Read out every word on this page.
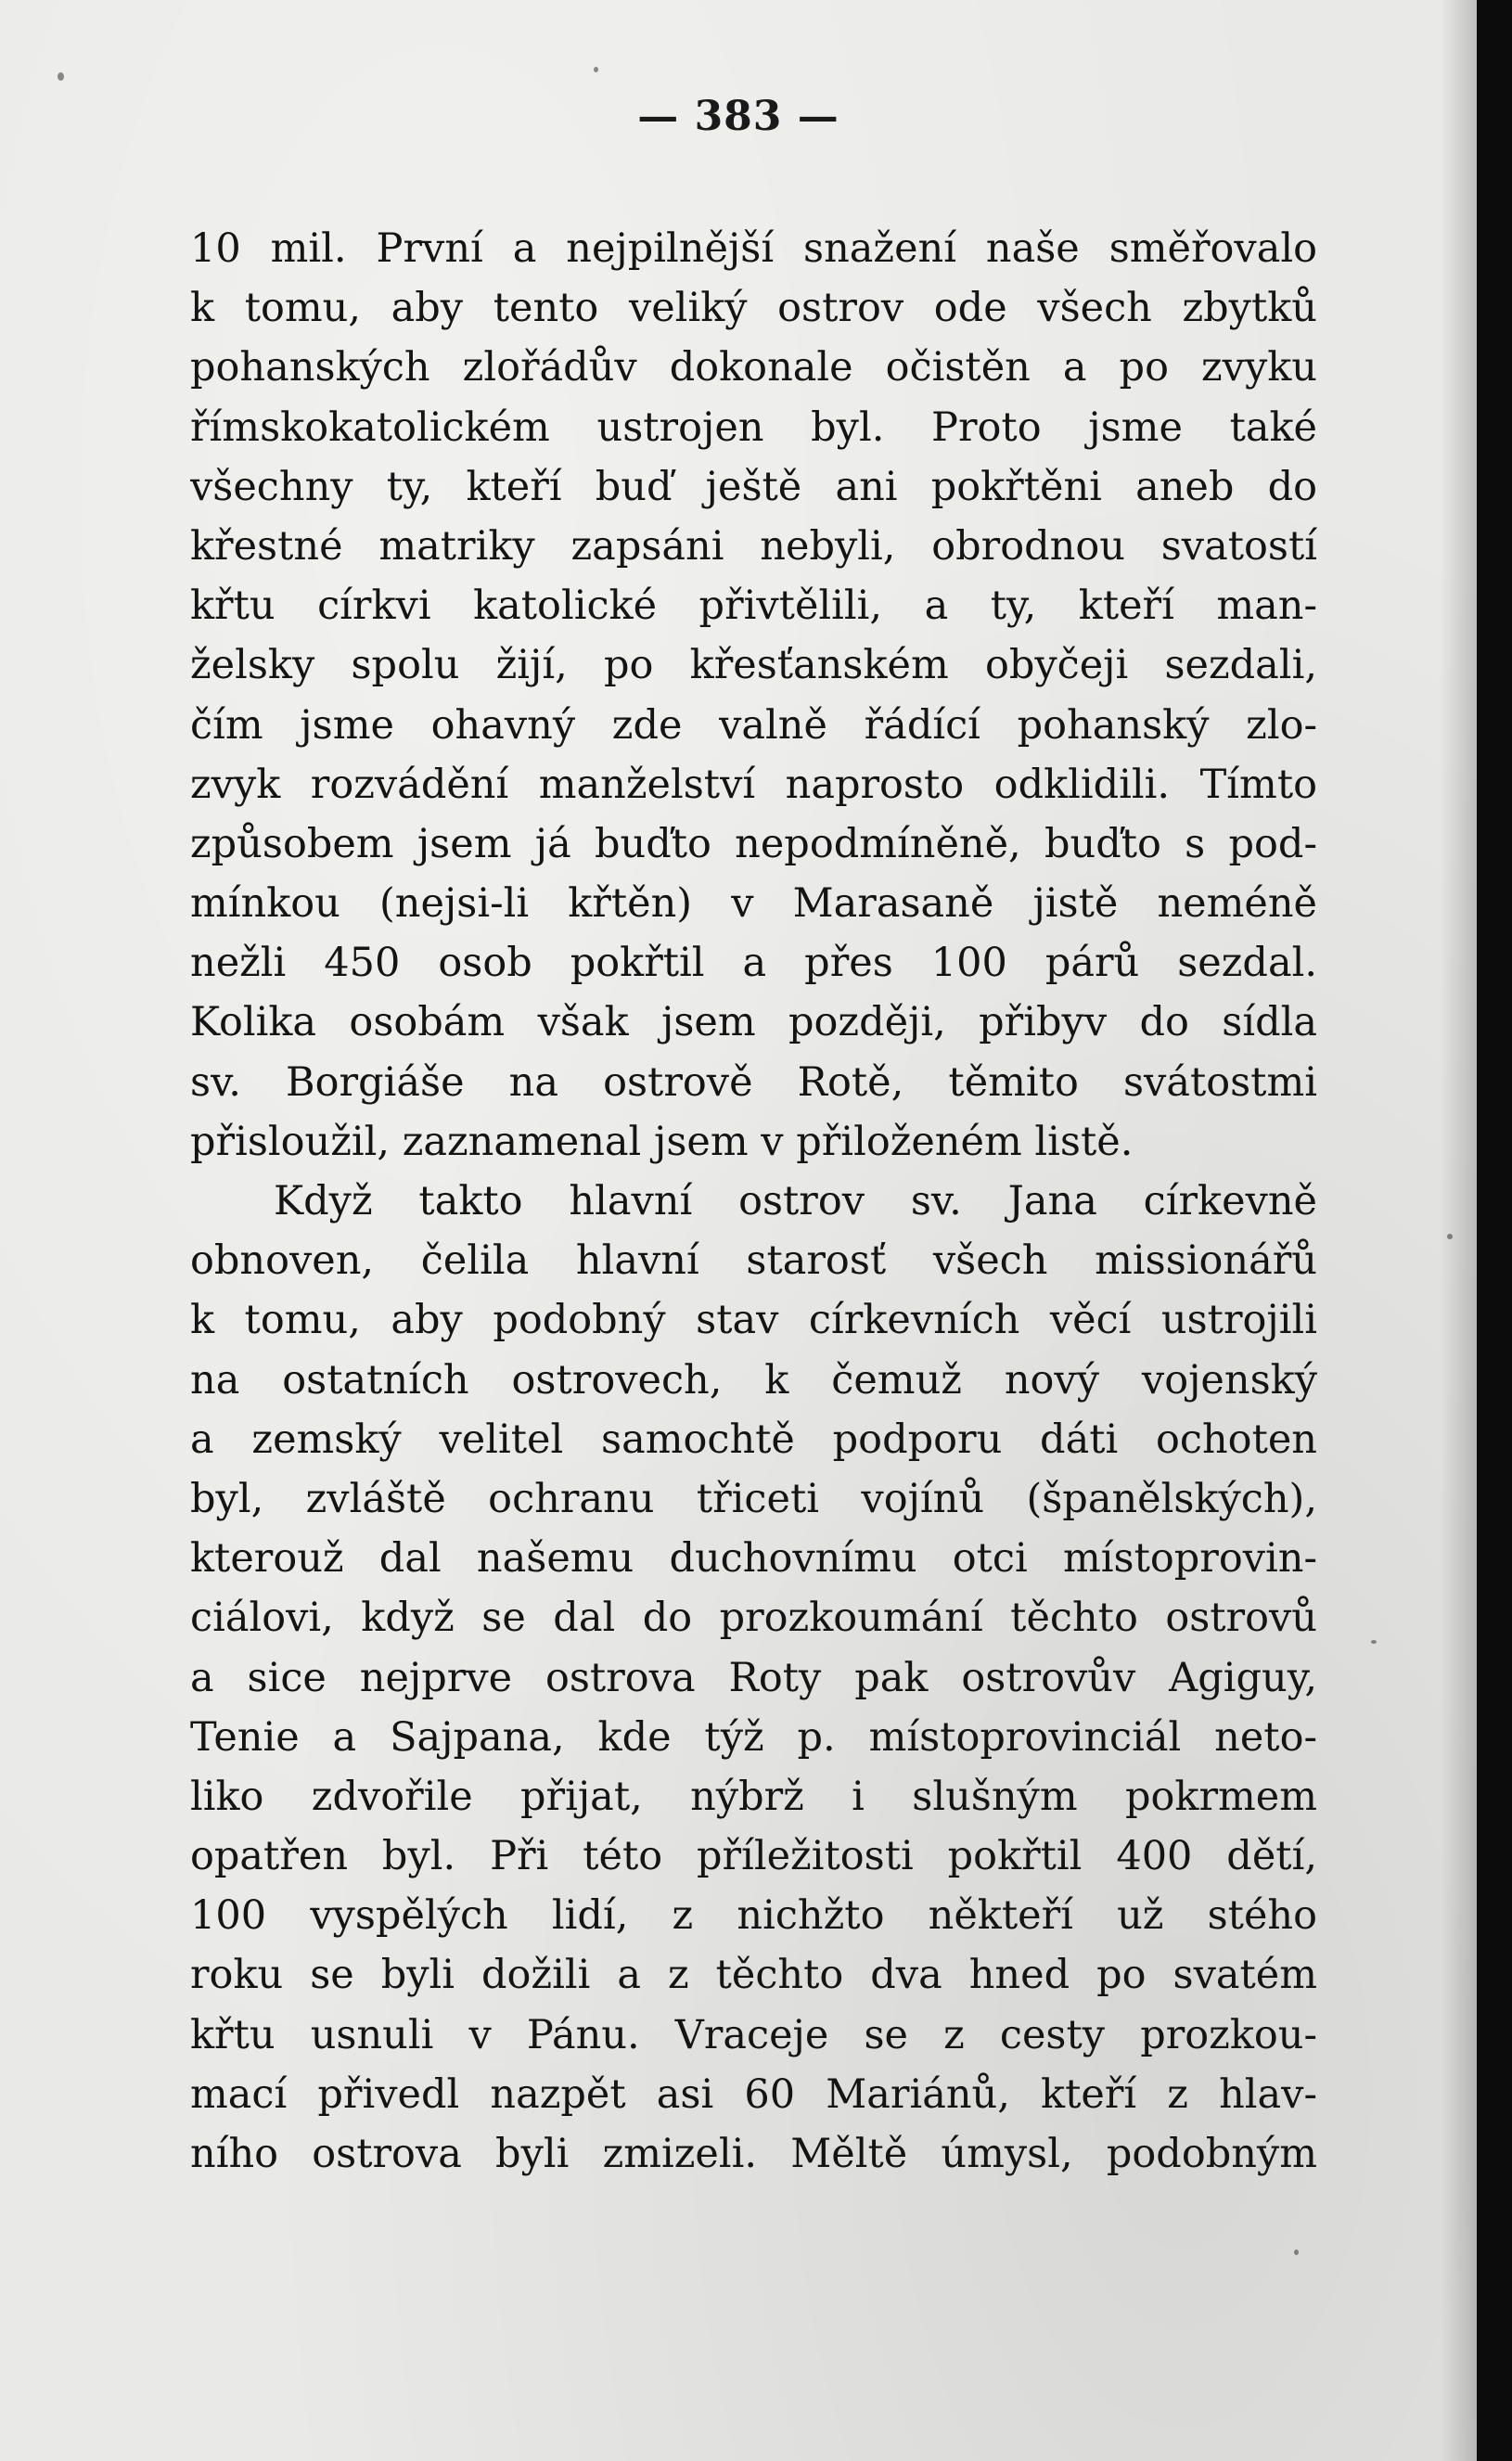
— 383 —
10 mil. První a nejpilnější snažení naše směřovalo
k tomu, aby tento veliký ostrov ode všech zbytků
pohanských zlořádův dokonale očistěn a po zvyku
římskokatolickém ustrojen byl. Proto jsme také
všechny ty, kteří buď ještě ani pokřtěni aneb do
křestné matriky zapsáni nebyli, obrodnou svatostí
křtu církvi katolické přivtělili, a ty, kteří man-
želsky spolu žijí, po křesťanském obyčeji sezdali,
čím jsme ohavný zde valně řádící pohanský zlo-
zvyk rozvádění manželství naprosto odklidili. Tímto
způsobem jsem já buďto nepodmíněně, buďto s pod-
mínkou (nejsi-li křtěn) v Marasaně jistě neméně
nežli 450 osob pokřtil a přes 100 párů sezdal.
Kolika osobám však jsem později, přibyv do sídla
sv. Borgiáše na ostrově Rotě, těmito svátostmi
přisloužil, zaznamenal jsem v přiloženém listě.
Když takto hlavní ostrov sv. Jana církevně
obnoven, čelila hlavní starosť všech missionářů
k tomu, aby podobný stav církevních věcí ustrojili
na ostatních ostrovech, k čemuž nový vojenský
a zemský velitel samochtě podporu dáti ochoten
byl, zvláště ochranu třiceti vojínů (španělských),
kterouž dal našemu duchovnímu otci místoprovin-
ciálovi, když se dal do prozkoumání těchto ostrovů
a sice nejprve ostrova Roty pak ostrovův Agiguy,
Tenie a Sajpana, kde týž p. místoprovinciál neto-
liko zdvořile přijat, nýbrž i slušným pokrmem
opatřen byl. Při této příležitosti pokřtil 400 dětí,
100 vyspělých lidí, z nichžto někteří už stého
roku se byli dožili a z těchto dva hned po svatém
křtu usnuli v Pánu. Vraceje se z cesty prozkou-
mací přivedl nazpět asi 60 Mariánů, kteří z hlav-
ního ostrova byli zmizeli. Měltě úmysl, podobným
